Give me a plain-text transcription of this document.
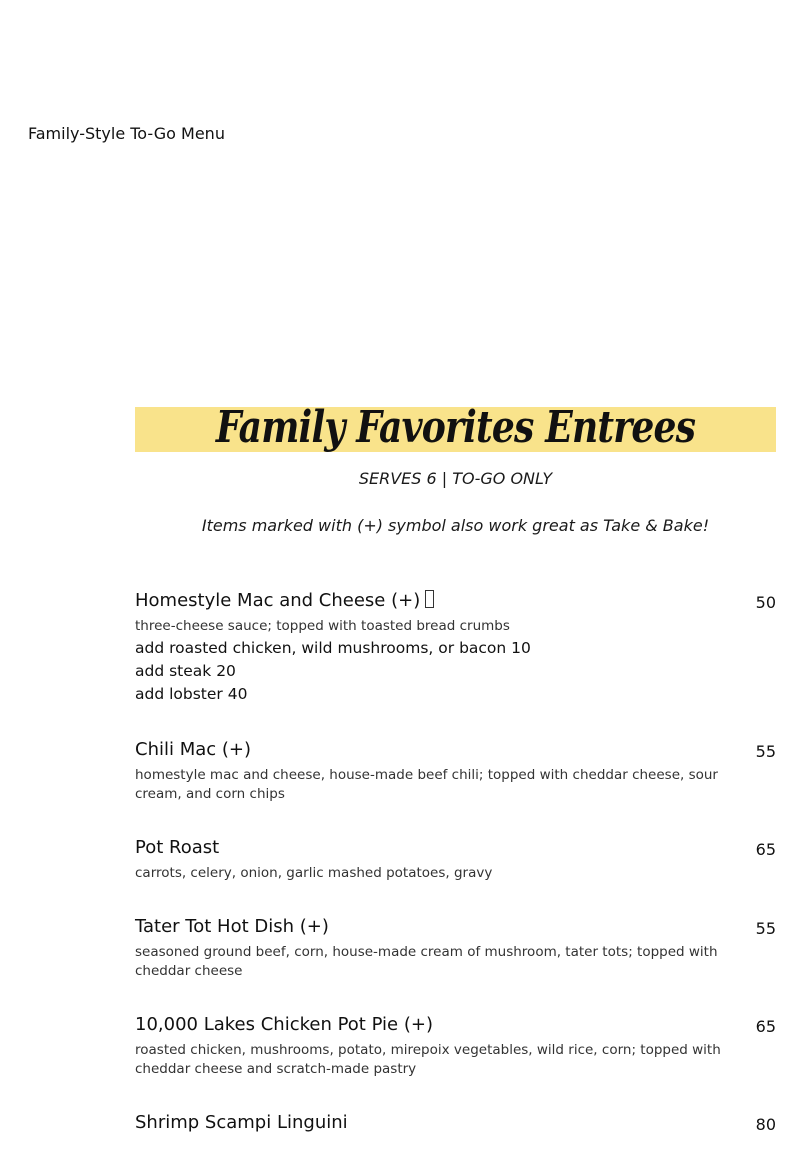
Family-Style To-Go Menu
Family Favorites Entrees
SERVES 6 | TO-GO ONLY
Items marked with (+) symbol also work great as Take & Bake!
Homestyle Mac and Cheese (+)	50
three-cheese sauce; topped with toasted bread crumbs
add roasted chicken, wild mushrooms, or bacon 10
add steak 20
add lobster 40
Chili Mac (+)	55
homestyle mac and cheese, house-made beef chili; topped with cheddar cheese, sour cream, and corn chips
Pot Roast	65
carrots, celery, onion, garlic mashed potatoes, gravy
Tater Tot Hot Dish (+)	55
seasoned ground beef, corn, house-made cream of mushroom, tater tots; topped with cheddar cheese
10,000 Lakes Chicken Pot Pie (+)	65
roasted chicken, mushrooms, potato, mirepoix vegetables, wild rice, corn; topped with cheddar cheese and scratch-made pastry
Shrimp Scampi Linguini	80
